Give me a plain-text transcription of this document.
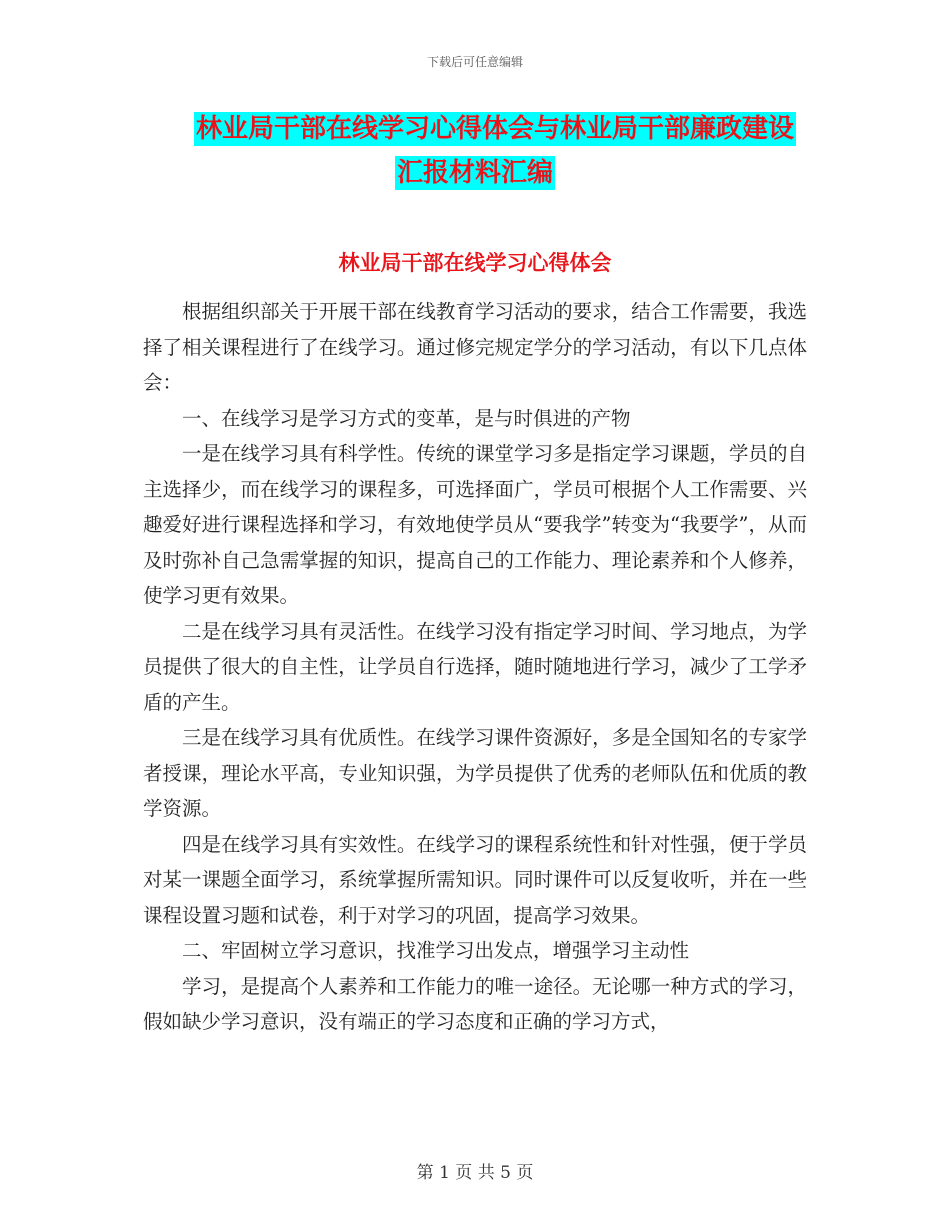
下载后可任意编辑
林业局干部在线学习心得体会与林业局干部廉政建设
汇报材料汇编
林业局干部在线学习心得体会

根据组织部关于开展干部在线教育学习活动的要求，结合工作需要，我选择了相关课程进行了在线学习。通过修完规定学分的学习活动，有以下几点体会：

一、在线学习是学习方式的变革，是与时俱进的产物

一是在线学习具有科学性。传统的课堂学习多是指定学习课题，学员的自主选择少，而在线学习的课程多，可选择面广，学员可根据个人工作需要、兴趣爱好进行课程选择和学习，有效地使学员从“要我学”转变为“我要学”，从而及时弥补自己急需掌握的知识，提高自己的工作能力、理论素养和个人修养，使学习更有效果。

二是在线学习具有灵活性。在线学习没有指定学习时间、学习地点，为学员提供了很大的自主性，让学员自行选择，随时随地进行学习，减少了工学矛盾的产生。

三是在线学习具有优质性。在线学习课件资源好，多是全国知名的专家学者授课，理论水平高，专业知识强，为学员提供了优秀的老师队伍和优质的教学资源。

四是在线学习具有实效性。在线学习的课程系统性和针对性强，便于学员对某一课题全面学习，系统掌握所需知识。同时课件可以反复收听，并在一些课程设置习题和试卷，利于对学习的巩固，提高学习效果。

二、牢固树立学习意识，找准学习出发点，增强学习主动性

学习，是提高个人素养和工作能力的唯一途径。无论哪一种方式的学习，假如缺少学习意识，没有端正的学习态度和正确的学习方式，

第 1 页 共 5 页
